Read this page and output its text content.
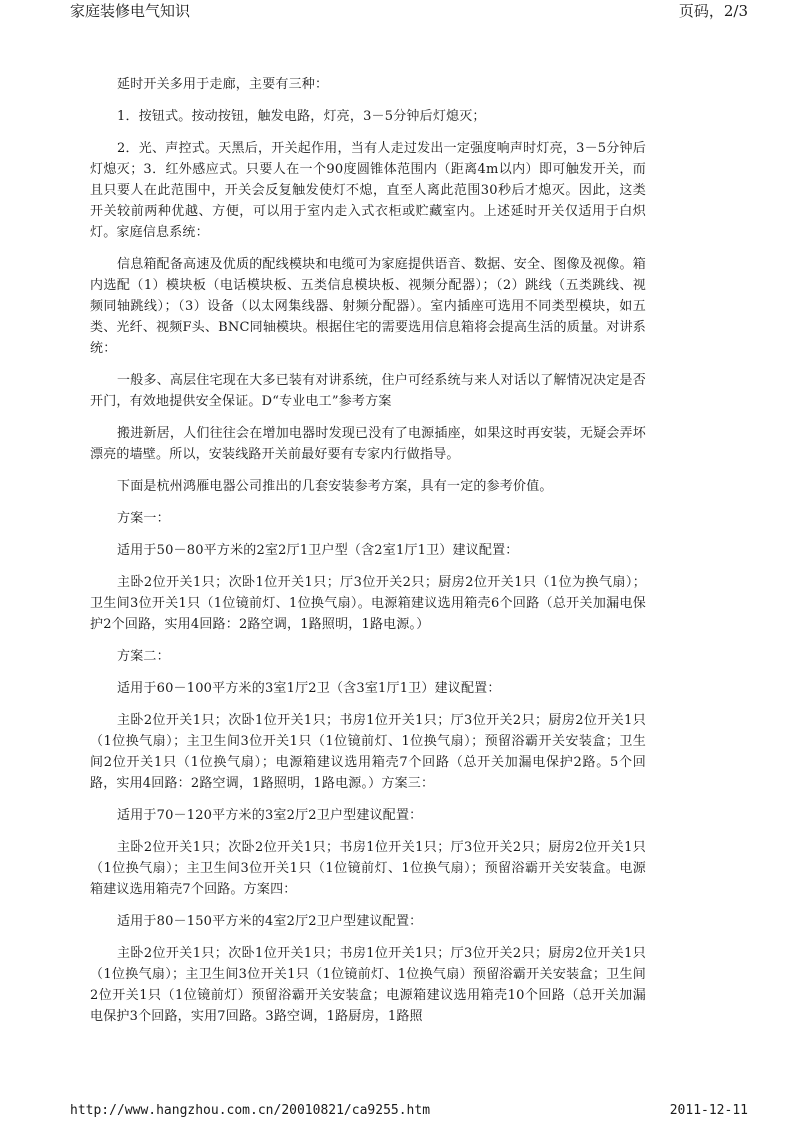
家庭装修电气知识	页码，2/3

延时开关多用于走廊，主要有三种：

1．按钮式。按动按钮，触发电路，灯亮，3－5分钟后灯熄灭；

2．光、声控式。天黑后，开关起作用，当有人走过发出一定强度响声时灯亮，3－5分钟后灯熄灭；3．红外感应式。只要人在一个90度圆锥体范围内（距离4m以内）即可触发开关，而且只要人在此范围中，开关会反复触发使灯不熄，直至人离此范围30秒后才熄灭。因此，这类开关较前两种优越、方便，可以用于室内走入式衣柜或贮藏室内。上述延时开关仅适用于白炽灯。家庭信息系统：

信息箱配备高速及优质的配线模块和电缆可为家庭提供语音、数据、安全、图像及视像。箱内选配（1）模块板（电话模块板、五类信息模块板、视频分配器）；（2）跳线（五类跳线、视频同轴跳线）；（3）设备（以太网集线器、射频分配器）。室内插座可选用不同类型模块，如五类、光纤、视频F头、BNC同轴模块。根据住宅的需要选用信息箱将会提高生活的质量。对讲系统：

一般多、高层住宅现在大多已装有对讲系统，住户可经系统与来人对话以了解情况决定是否开门，有效地提供安全保证。D“专业电工”参考方案

搬进新居，人们往往会在增加电器时发现已没有了电源插座，如果这时再安装，无疑会弄坏漂亮的墙壁。所以，安装线路开关前最好要有专家内行做指导。

下面是杭州鸿雁电器公司推出的几套安装参考方案，具有一定的参考价值。

方案一：

适用于50－80平方米的2室2厅1卫户型（含2室1厅1卫）建议配置：

主卧2位开关1只；次卧1位开关1只；厅3位开关2只；厨房2位开关1只（1位为换气扇）；卫生间3位开关1只（1位镜前灯、1位换气扇）。电源箱建议选用箱壳6个回路（总开关加漏电保护2个回路，实用4回路：2路空调，1路照明，1路电源。）

方案二：

适用于60－100平方米的3室1厅2卫（含3室1厅1卫）建议配置：

主卧2位开关1只；次卧1位开关1只；书房1位开关1只；厅3位开关2只；厨房2位开关1只（1位换气扇）；主卫生间3位开关1只（1位镜前灯、1位换气扇）；预留浴霸开关安装盒；卫生间2位开关1只（1位换气扇）；电源箱建议选用箱壳7个回路（总开关加漏电保护2路。5个回路，实用4回路：2路空调，1路照明，1路电源。）方案三：

适用于70－120平方米的3室2厅2卫户型建议配置：

主卧2位开关1只；次卧2位开关1只；书房1位开关1只；厅3位开关2只；厨房2位开关1只（1位换气扇）；主卫生间3位开关1只（1位镜前灯、1位换气扇）；预留浴霸开关安装盒。电源箱建议选用箱壳7个回路。方案四：

适用于80－150平方米的4室2厅2卫户型建议配置：

主卧2位开关1只；次卧1位开关1只；书房1位开关1只；厅3位开关2只；厨房2位开关1只（1位换气扇）；主卫生间3位开关1只（1位镜前灯、1位换气扇）预留浴霸开关安装盒；卫生间2位开关1只（1位镜前灯）预留浴霸开关安装盒；电源箱建议选用箱壳10个回路（总开关加漏电保护3个回路，实用7回路。3路空调，1路厨房，1路照

http://www.hangzhou.com.cn/20010821/ca9255.htm	2011-12-11
